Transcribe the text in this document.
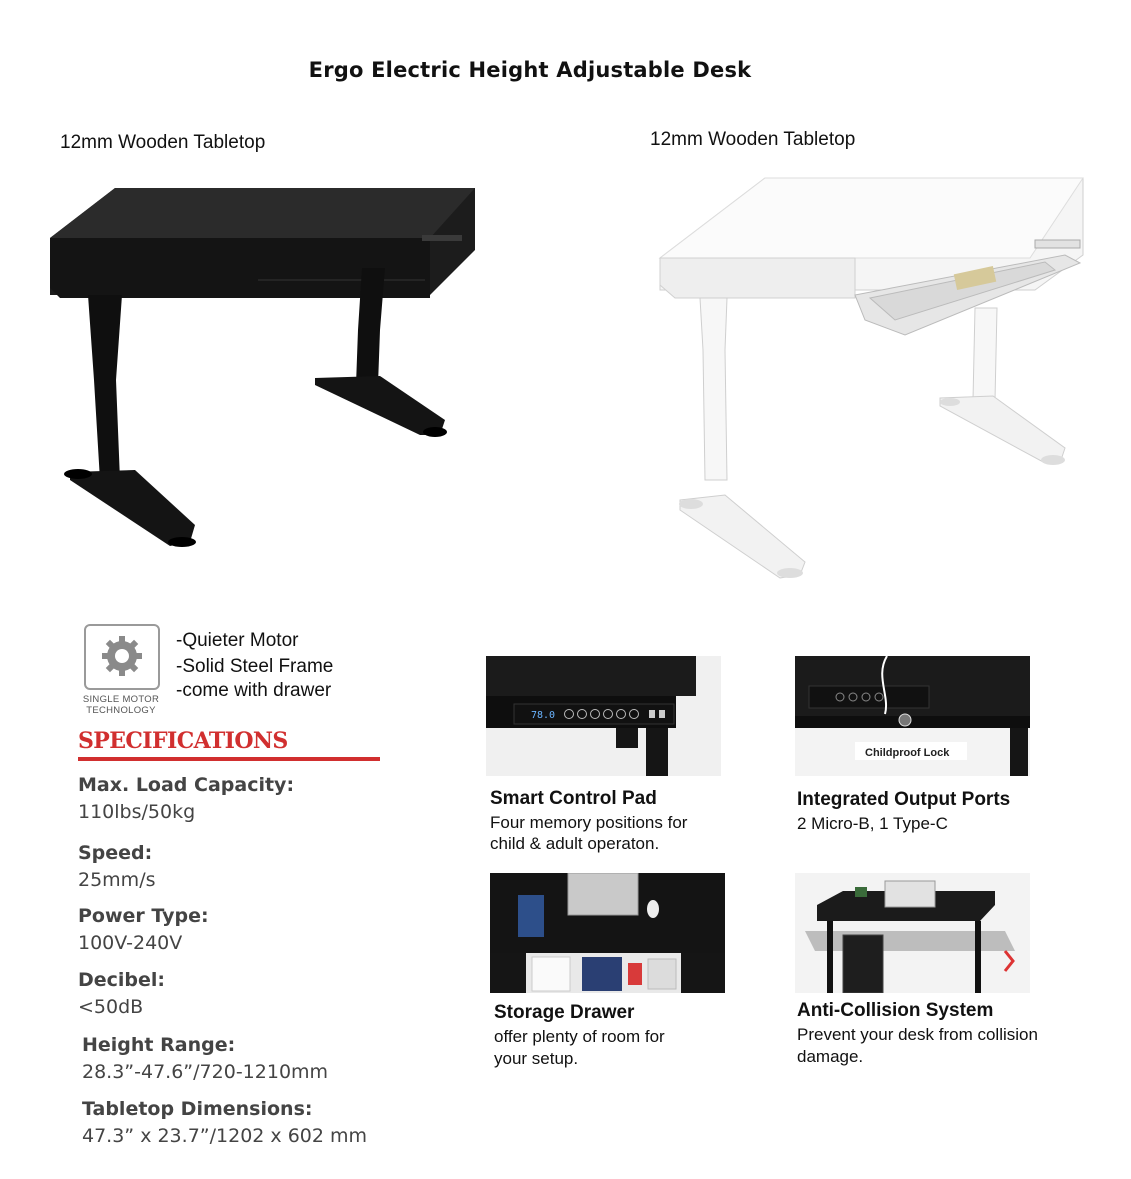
Ergo Electric Height Adjustable Desk
12mm Wooden Tabletop	12mm Wooden Tabletop
SINGLE MOTOR
TECHNOLOGY
-Quieter Motor
-Solid Steel Frame
-come with drawer
SPECIFICATIONS
Max. Load Capacity:
110lbs/50kg
Speed:
25mm/s
Power Type:
100V-240V
Decibel:
<50dB
Height Range:
28.3”-47.6”/720-1210mm
Tabletop Dimensions:
47.3” x 23.7”/1202 x 602 mm
78.0
Smart Control Pad
Four memory positions for
child & adult operaton.
Childproof Lock
Integrated Output Ports
2 Micro-B, 1 Type-C
Storage Drawer
offer plenty of room for
your setup.
Anti-Collision System
Prevent your desk from collision
damage.
